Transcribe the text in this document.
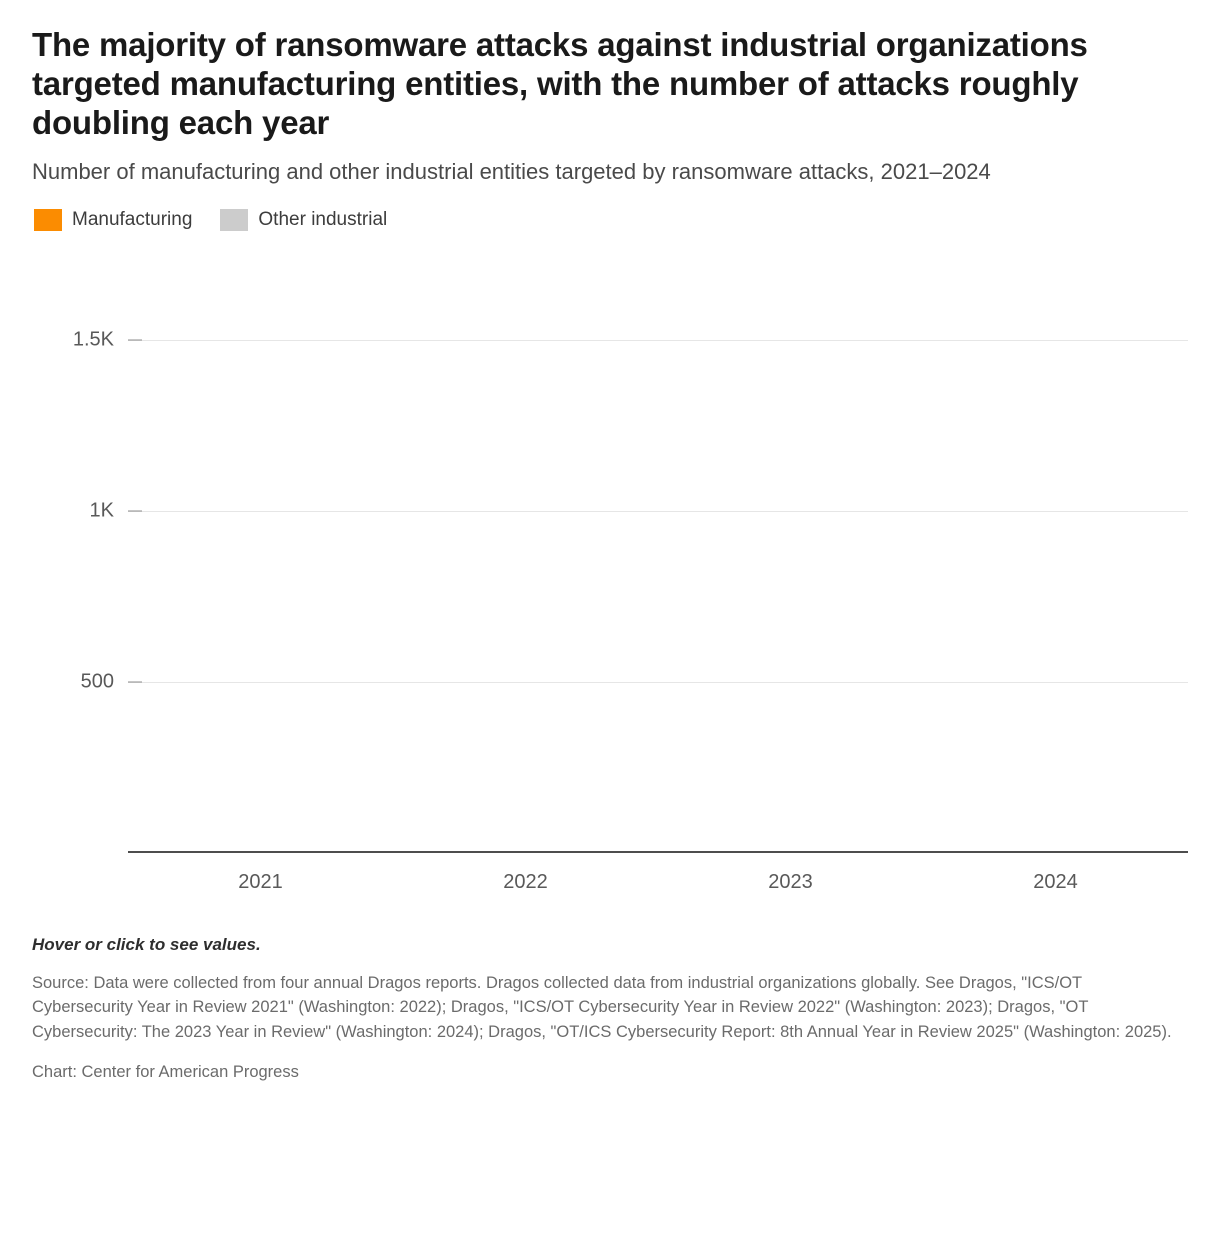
The majority of ransomware attacks against industrial organizations targeted manufacturing entities, with the number of attacks roughly doubling each year
Number of manufacturing and other industrial entities targeted by ransomware attacks, 2021–2024
Manufacturing	Other industrial
500
1K
1.5K
2021	2022	2023	2024
Hover or click to see values.
Source: Data were collected from four annual Dragos reports. Dragos collected data from industrial organizations globally. See Dragos, "ICS/OT Cybersecurity Year in Review 2021" (Washington: 2022); Dragos, "ICS/OT Cybersecurity Year in Review 2022" (Washington: 2023); Dragos, "OT Cybersecurity: The 2023 Year in Review" (Washington: 2024); Dragos, "OT/ICS Cybersecurity Report: 8th Annual Year in Review 2025" (Washington: 2025).
Chart: Center for American Progress
